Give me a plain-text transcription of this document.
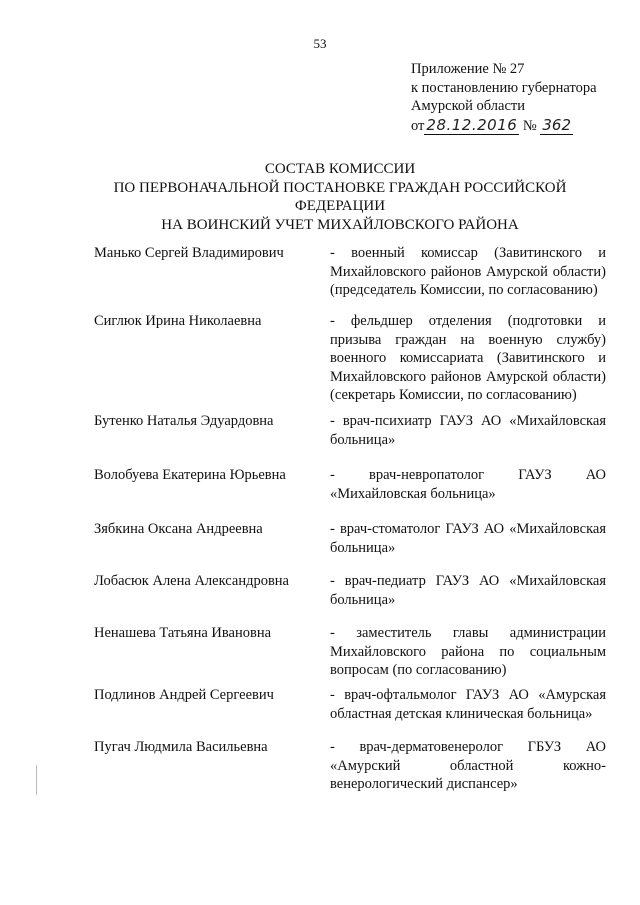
53
Приложение № 27
к постановлению губернатора
Амурской области
от 28.12.2016 № 362
СОСТАВ КОМИССИИ
ПО ПЕРВОНАЧАЛЬНОЙ ПОСТАНОВКЕ ГРАЖДАН РОССИЙСКОЙ ФЕДЕРАЦИИ
НА ВОИНСКИЙ УЧЕТ МИХАЙЛОВСКОГО РАЙОНА
Манько Сергей Владимирович	- военный комиссар (Завитинского и Михайловского районов Амурской области) (председатель Комиссии, по согласованию)
Сиглюк Ирина Николаевна	- фельдшер отделения (подготовки и призыва граждан на военную службу) военного комиссариата (Завитинского и Михайловского районов Амурской области) (секретарь Комиссии, по согласованию)
Бутенко Наталья Эдуардовна	- врач-психиатр ГАУЗ АО «Михайловская больница»
Волобуева Екатерина Юрьевна	- врач-невропатолог ГАУЗ АО «Михайловская больница»
Зябкина Оксана Андреевна	- врач-стоматолог ГАУЗ АО «Михайловская больница»
Лобасюк Алена Александровна	- врач-педиатр ГАУЗ АО «Михайловская больница»
Ненашева Татьяна Ивановна	- заместитель главы администрации Михайловского района по социальным вопросам (по согласованию)
Подлинов Андрей Сергеевич	- врач-офтальмолог ГАУЗ АО «Амурская областная детская клиническая больница»
Пугач Людмила Васильевна	- врач-дерматовенеролог ГБУЗ АО «Амурский областной кожно-венерологический диспансер»
